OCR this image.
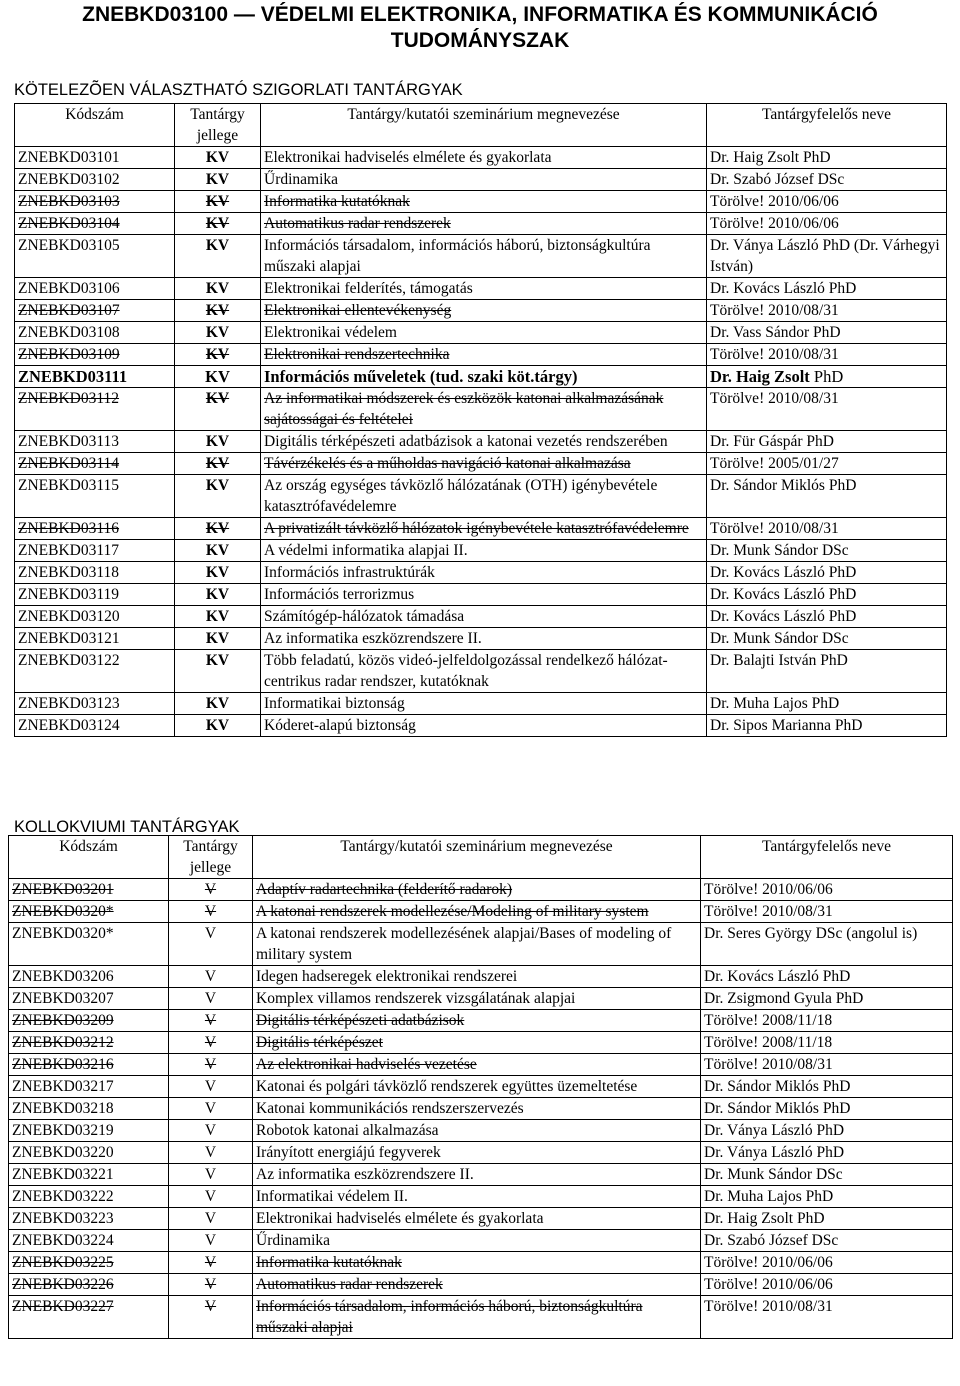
ZNEBKD03100 — VÉDELMI ELEKTRONIKA, INFORMATIKA ÉS KOMMUNIKÁCIÓ TUDOMÁNYSZAK
KÖTELEZÕEN VÁLASZTHATÓ SZIGORLATI TANTÁRGYAK
Kódszám	Tantárgy jellege	Tantárgy/kutatói szeminárium megnevezése	Tantárgyfelelős neve
ZNEBKD03101	KV	Elektronikai hadviselés elmélete és gyakorlata	Dr. Haig Zsolt PhD
ZNEBKD03102	KV	Űrdinamika	Dr. Szabó József DSc
ZNEBKD03103	KV	Informatika kutatóknak	Törölve! 2010/06/06
ZNEBKD03104	KV	Automatikus radar rendszerek	Törölve! 2010/06/06
ZNEBKD03105	KV	Információs társadalom, információs háború, biztonságkultúra műszaki alapjai	Dr. Ványa László PhD (Dr. Várhegyi István)
ZNEBKD03106	KV	Elektronikai felderítés, támogatás	Dr. Kovács László PhD
ZNEBKD03107	KV	Elektronikai ellentevékenység	Törölve! 2010/08/31
ZNEBKD03108	KV	Elektronikai védelem	Dr. Vass Sándor PhD
ZNEBKD03109	KV	Elektronikai rendszertechnika	Törölve! 2010/08/31
ZNEBKD03111	KV	Információs műveletek (tud. szaki köt.tárgy)	Dr. Haig Zsolt PhD
ZNEBKD03112	KV	Az informatikai módszerek és eszközök katonai alkalmazásának sajátosságai és feltételei	Törölve! 2010/08/31
ZNEBKD03113	KV	Digitális térképészeti adatbázisok a katonai vezetés rendszerében	Dr. Für Gáspár PhD
ZNEBKD03114	KV	Távérzékelés és a műholdas navigáció katonai alkalmazása	Törölve! 2005/01/27
ZNEBKD03115	KV	Az ország egységes távközlő hálózatának (OTH) igénybevétele katasztrófavédelemre	Dr. Sándor Miklós PhD
ZNEBKD03116	KV	A privatizált távközlő hálózatok igénybevétele katasztrófavédelemre	Törölve! 2010/08/31
ZNEBKD03117	KV	A védelmi informatika alapjai II.	Dr. Munk Sándor DSc
ZNEBKD03118	KV	Információs infrastruktúrák	Dr. Kovács László PhD
ZNEBKD03119	KV	Információs terrorizmus	Dr. Kovács László PhD
ZNEBKD03120	KV	Számítógép-hálózatok támadása	Dr. Kovács László PhD
ZNEBKD03121	KV	Az informatika eszközrendszere II.	Dr. Munk Sándor DSc
ZNEBKD03122	KV	Több feladatú, közös videó-jelfeldolgozással rendelkező hálózat-centrikus radar rendszer, kutatóknak	Dr. Balajti István PhD
ZNEBKD03123	KV	Informatikai biztonság	Dr. Muha Lajos PhD
ZNEBKD03124	KV	Kóderet-alapú biztonság	Dr. Sipos Marianna PhD
KOLLOKVIUMI TANTÁRGYAK
Kódszám	Tantárgy jellege	Tantárgy/kutatói szeminárium megnevezése	Tantárgyfelelős neve
ZNEBKD03201	V	Adaptív radartechnika (felderítő radarok)	Törölve! 2010/06/06
ZNEBKD0320*	V	A katonai rendszerek modellezése/Modeling of military system	Törölve! 2010/08/31
ZNEBKD0320*	V	A katonai rendszerek modellezésének alapjai/Bases of modeling of military system	Dr. Seres György DSc (angolul is)
ZNEBKD03206	V	Idegen hadseregek elektronikai rendszerei	Dr. Kovács László PhD
ZNEBKD03207	V	Komplex villamos rendszerek vizsgálatának alapjai	Dr. Zsigmond Gyula PhD
ZNEBKD03209	V	Digitális térképészeti adatbázisok	Törölve! 2008/11/18
ZNEBKD03212	V	Digitális térképészet	Törölve! 2008/11/18
ZNEBKD03216	V	Az elektronikai hadviselés vezetése	Törölve! 2010/08/31
ZNEBKD03217	V	Katonai és polgári távközlő rendszerek együttes üzemeltetése	Dr. Sándor Miklós PhD
ZNEBKD03218	V	Katonai kommunikációs rendszerszervezés	Dr. Sándor Miklós PhD
ZNEBKD03219	V	Robotok katonai alkalmazása	Dr. Ványa László PhD
ZNEBKD03220	V	Irányított energiájú fegyverek	Dr. Ványa László PhD
ZNEBKD03221	V	Az informatika eszközrendszere II.	Dr. Munk Sándor DSc
ZNEBKD03222	V	Informatikai védelem II.	Dr. Muha Lajos PhD
ZNEBKD03223	V	Elektronikai hadviselés elmélete és gyakorlata	Dr. Haig Zsolt PhD
ZNEBKD03224	V	Űrdinamika	Dr. Szabó József DSc
ZNEBKD03225	V	Informatika kutatóknak	Törölve! 2010/06/06
ZNEBKD03226	V	Automatikus radar rendszerek	Törölve! 2010/06/06
ZNEBKD03227	V	Információs társadalom, információs háború, biztonságkultúra műszaki alapjai	Törölve! 2010/08/31
